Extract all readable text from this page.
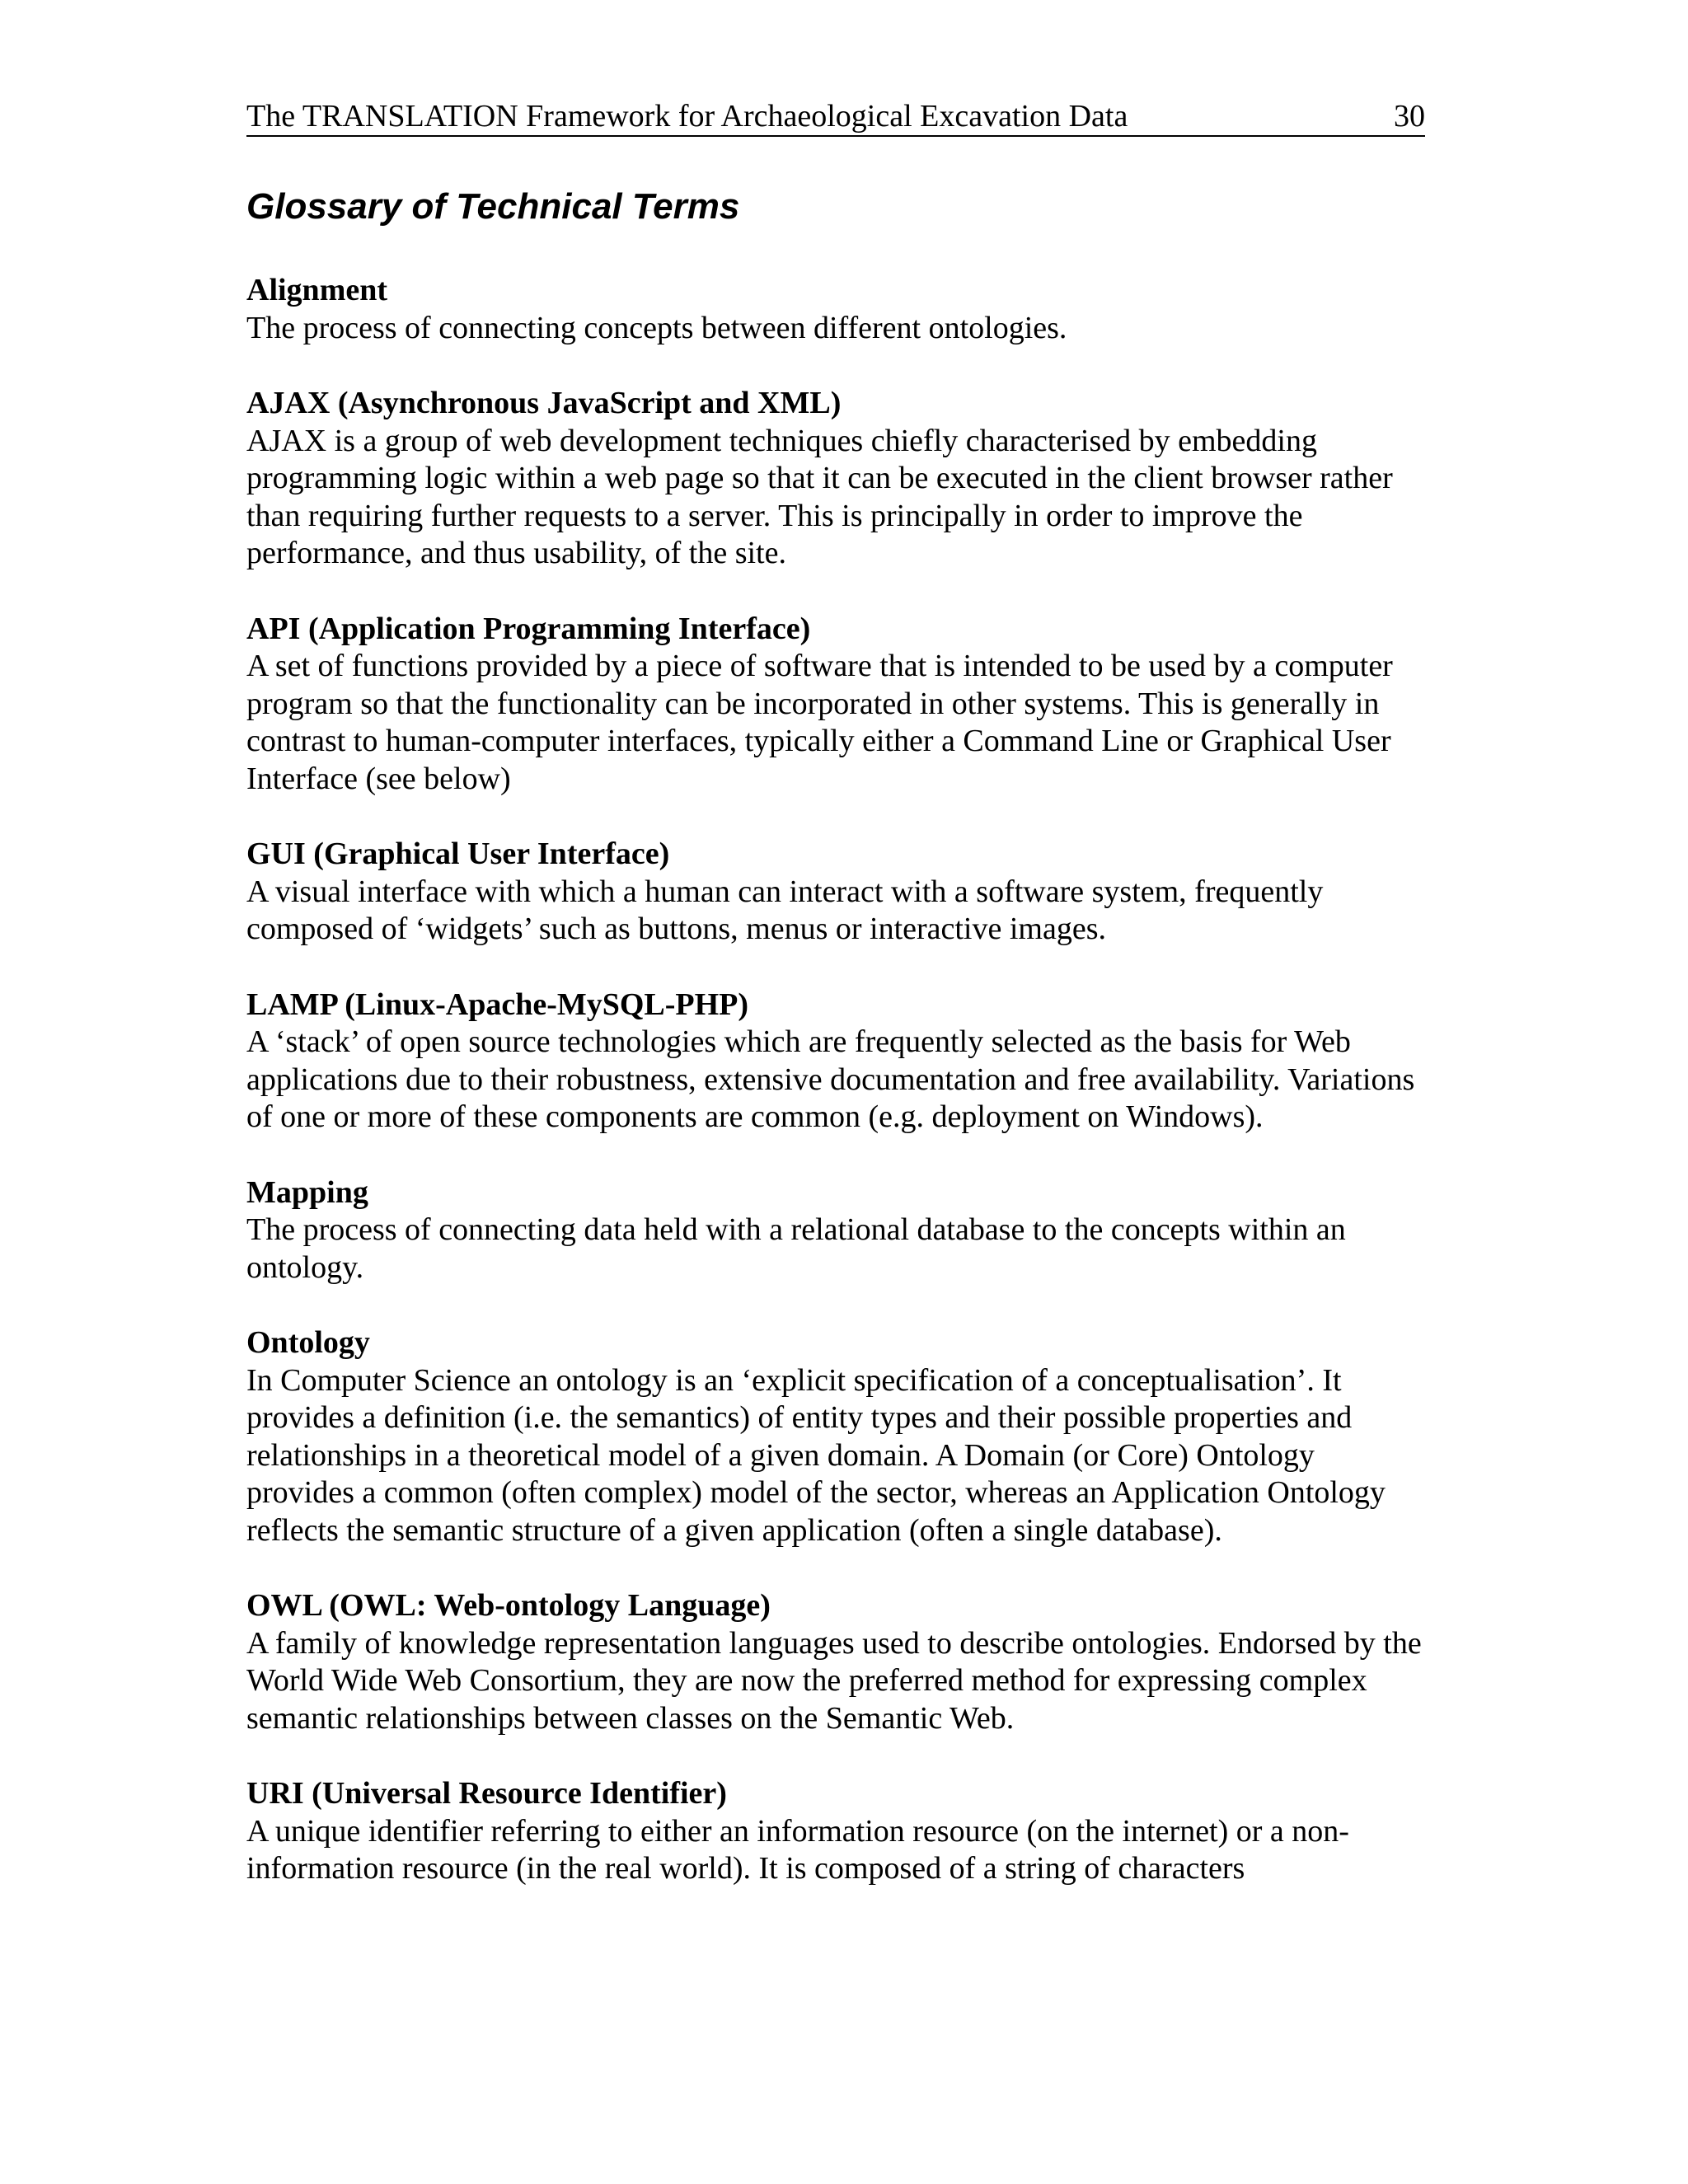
The TRANSLATION Framework for Archaeological Excavation Data	30
Glossary of Technical Terms
Alignment
The process of connecting concepts between different ontologies.
AJAX (Asynchronous JavaScript and XML)
AJAX is a group of web development techniques chiefly characterised by embedding programming logic within a web page so that it can be executed in the client browser rather than requiring further requests to a server. This is principally in order to improve the performance, and thus usability, of the site.
API (Application Programming Interface)
A set of functions provided by a piece of software that is intended to be used by a computer program so that the functionality can be incorporated in other systems. This is generally in contrast to human-computer interfaces, typically either a Command Line or Graphical User Interface (see below)
GUI (Graphical User Interface)
A visual interface with which a human can interact with a software system, frequently composed of ‘widgets’ such as buttons, menus or interactive images.
LAMP (Linux-Apache-MySQL-PHP)
A ‘stack’ of open source technologies which are frequently selected as the basis for Web applications due to their robustness, extensive documentation and free availability. Variations of one or more of these components are common (e.g. deployment on Windows).
Mapping
The process of connecting data held with a relational database to the concepts within an ontology.
Ontology
In Computer Science an ontology is an ‘explicit specification of a conceptualisation’. It provides a definition (i.e. the semantics) of entity types and their possible properties and relationships in a theoretical model of a given domain. A Domain (or Core) Ontology provides a common (often complex) model of the sector, whereas an Application Ontology reflects the semantic structure of a given application (often a single database).
OWL (OWL: Web-ontology Language)
A family of knowledge representation languages used to describe ontologies. Endorsed by the World Wide Web Consortium, they are now the preferred method for expressing complex semantic relationships between classes on the Semantic Web.
URI (Universal Resource Identifier)
A unique identifier referring to either an information resource (on the internet) or a non-information resource (in the real world). It is composed of a string of characters
